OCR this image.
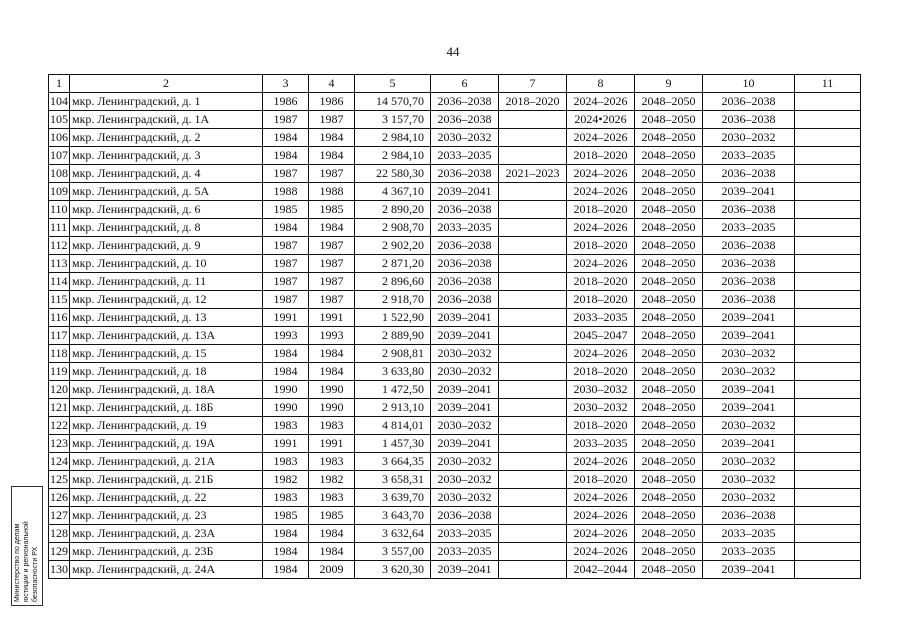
44
1	2	3	4	5	6	7	8	9	10	11
104	мкр. Ленинградский, д. 1	1986	1986	14 570,70	2036–2038	2018–2020	2024–2026	2048–2050	2036–2038	
105	мкр. Ленинградский, д. 1А	1987	1987	3 157,70	2036–2038		2024•2026	2048–2050	2036–2038	
106	мкр. Ленинградский, д. 2	1984	1984	2 984,10	2030–2032		2024–2026	2048–2050	2030–2032	
107	мкр. Ленинградский, д. 3	1984	1984	2 984,10	2033–2035		2018–2020	2048–2050	2033–2035	
108	мкр. Ленинградский, д. 4	1987	1987	22 580,30	2036–2038	2021–2023	2024–2026	2048–2050	2036–2038	
109	мкр. Ленинградский, д. 5А	1988	1988	4 367,10	2039–2041		2024–2026	2048–2050	2039–2041	
110	мкр. Ленинградский, д. 6	1985	1985	2 890,20	2036–2038		2018–2020	2048–2050	2036–2038	
111	мкр. Ленинградский, д. 8	1984	1984	2 908,70	2033–2035		2024–2026	2048–2050	2033–2035	
112	мкр. Ленинградский, д. 9	1987	1987	2 902,20	2036–2038		2018–2020	2048–2050	2036–2038	
113	мкр. Ленинградский, д. 10	1987	1987	2 871,20	2036–2038		2024–2026	2048–2050	2036–2038	
114	мкр. Ленинградский, д. 11	1987	1987	2 896,60	2036–2038		2018–2020	2048–2050	2036–2038	
115	мкр. Ленинградский, д. 12	1987	1987	2 918,70	2036–2038		2018–2020	2048–2050	2036–2038	
116	мкр. Ленинградский, д. 13	1991	1991	1 522,90	2039–2041		2033–2035	2048–2050	2039–2041	
117	мкр. Ленинградский, д. 13А	1993	1993	2 889,90	2039–2041		2045–2047	2048–2050	2039–2041	
118	мкр. Ленинградский, д. 15	1984	1984	2 908,81	2030–2032		2024–2026	2048–2050	2030–2032	
119	мкр. Ленинградский, д. 18	1984	1984	3 633,80	2030–2032		2018–2020	2048–2050	2030–2032	
120	мкр. Ленинградский, д. 18А	1990	1990	1 472,50	2039–2041		2030–2032	2048–2050	2039–2041	
121	мкр. Ленинградский, д. 18Б	1990	1990	2 913,10	2039–2041		2030–2032	2048–2050	2039–2041	
122	мкр. Ленинградский, д. 19	1983	1983	4 814,01	2030–2032		2018–2020	2048–2050	2030–2032	
123	мкр. Ленинградский, д. 19А	1991	1991	1 457,30	2039–2041		2033–2035	2048–2050	2039–2041	
124	мкр. Ленинградский, д. 21А	1983	1983	3 664,35	2030–2032		2024–2026	2048–2050	2030–2032	
125	мкр. Ленинградский, д. 21Б	1982	1982	3 658,31	2030–2032		2018–2020	2048–2050	2030–2032	
126	мкр. Ленинградский, д. 22	1983	1983	3 639,70	2030–2032		2024–2026	2048–2050	2030–2032	
127	мкр. Ленинградский, д. 23	1985	1985	3 643,70	2036–2038		2024–2026	2048–2050	2036–2038	
128	мкр. Ленинградский, д. 23А	1984	1984	3 632,64	2033–2035		2024–2026	2048–2050	2033–2035	
129	мкр. Ленинградский, д. 23Б	1984	1984	3 557,00	2033–2035		2024–2026	2048–2050	2033–2035	
130	мкр. Ленинградский, д. 24А	1984	2009	3 620,30	2039–2041		2042–2044	2048–2050	2039–2041	
Министерство по делам юстиции и региональной безопасности РХ
